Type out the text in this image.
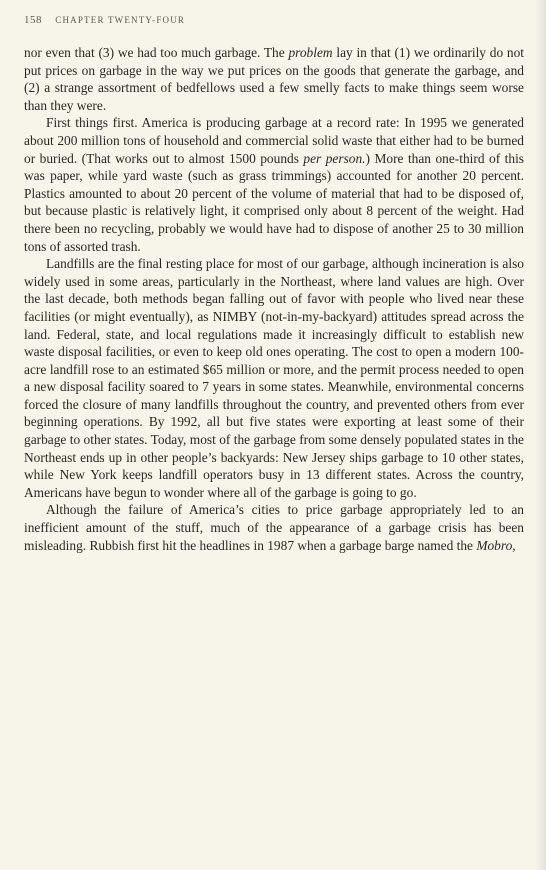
158 CHAPTER TWENTY-FOUR

nor even that (3) we had too much garbage. The problem lay in that (1) we ordinarily do not put prices on garbage in the way we put prices on the goods that generate the garbage, and (2) a strange assortment of bedfellows used a few smelly facts to make things seem worse than they were.

First things first. America is producing garbage at a record rate: In 1995 we generated about 200 million tons of household and commercial solid waste that either had to be burned or buried. (That works out to almost 1500 pounds per person.) More than one-third of this was paper, while yard waste (such as grass trimmings) accounted for another 20 percent. Plastics amounted to about 20 percent of the volume of material that had to be disposed of, but because plastic is relatively light, it comprised only about 8 percent of the weight. Had there been no recycling, probably we would have had to dispose of another 25 to 30 million tons of assorted trash.

Landfills are the final resting place for most of our garbage, although incineration is also widely used in some areas, particularly in the Northeast, where land values are high. Over the last decade, both methods began falling out of favor with people who lived near these facilities (or might eventually), as NIMBY (not-in-my-backyard) attitudes spread across the land. Federal, state, and local regulations made it increasingly difficult to establish new waste disposal facilities, or even to keep old ones operating. The cost to open a modern 100-acre landfill rose to an estimated $65 million or more, and the permit process needed to open a new disposal facility soared to 7 years in some states. Meanwhile, environmental concerns forced the closure of many landfills throughout the country, and prevented others from ever beginning operations. By 1992, all but five states were exporting at least some of their garbage to other states. Today, most of the garbage from some densely populated states in the Northeast ends up in other people’s backyards: New Jersey ships garbage to 10 other states, while New York keeps landfill operators busy in 13 different states. Across the country, Americans have begun to wonder where all of the garbage is going to go.

Although the failure of America’s cities to price garbage appropriately led to an inefficient amount of the stuff, much of the appearance of a garbage crisis has been misleading. Rubbish first hit the headlines in 1987 when a garbage barge named the Mobro,
